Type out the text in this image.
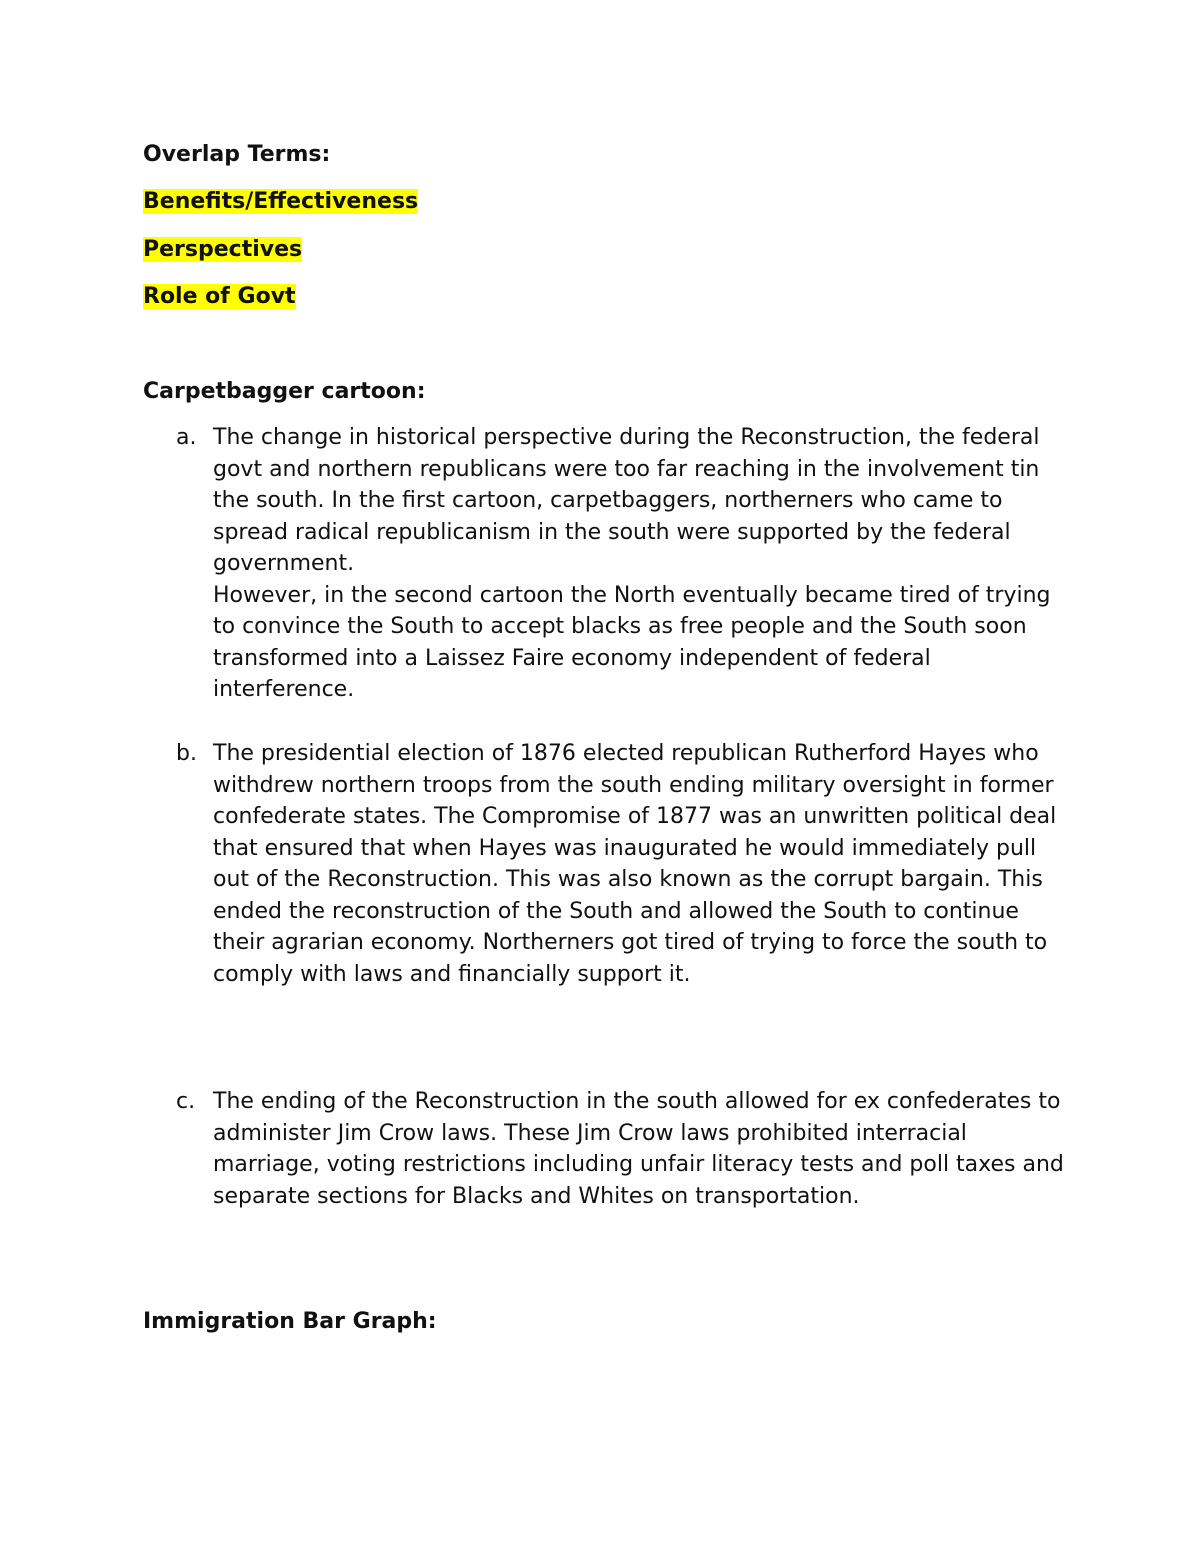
Overlap Terms:
Benefits/Effectiveness
Perspectives
Role of Govt
Carpetbagger cartoon:
a. The change in historical perspective during the Reconstruction, the federal govt and northern republicans were too far reaching in the involvement tin the south. In the first cartoon, carpetbaggers, northerners who came to spread radical republicanism in the south were supported by the federal government.

However, in the second cartoon the North eventually became tired of trying to convince the South to accept blacks as free people and the South soon transformed into a Laissez Faire economy independent of federal interference.

b. The presidential election of 1876 elected republican Rutherford Hayes who withdrew northern troops from the south ending military oversight in former confederate states. The Compromise of 1877 was an unwritten political deal that ensured that when Hayes was inaugurated he would immediately pull out of the Reconstruction. This was also known as the corrupt bargain. This ended the reconstruction of the South and allowed the South to continue their agrarian economy. Northerners got tired of trying to force the south to comply with laws and financially support it.

c. The ending of the Reconstruction in the south allowed for ex confederates to administer Jim Crow laws. These Jim Crow laws prohibited interracial marriage, voting restrictions including unfair literacy tests and poll taxes and separate sections for Blacks and Whites on transportation.

Immigration Bar Graph:
